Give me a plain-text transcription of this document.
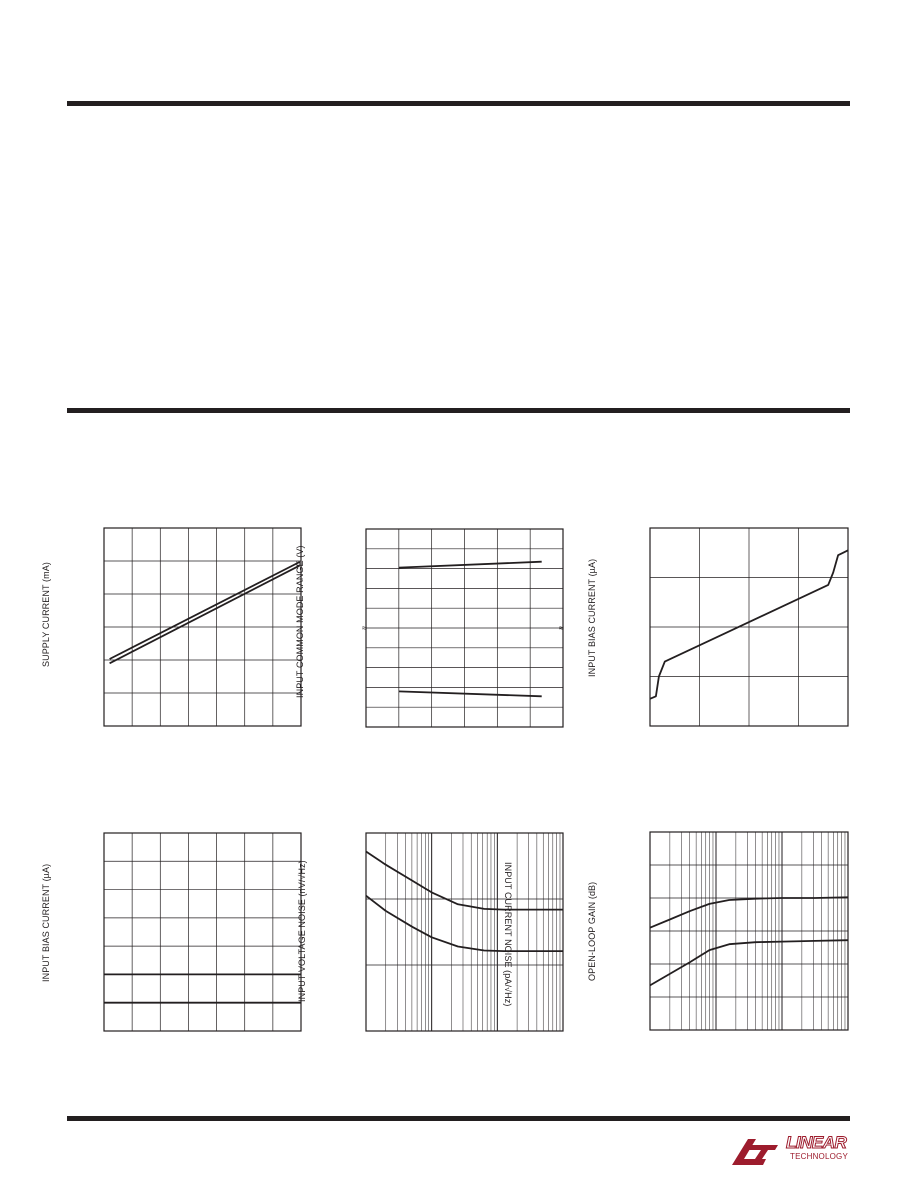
SUPPLY CURRENT (mA)	INPUT COMMON MODE RANGE (V)	≈	≈	INPUT BIAS CURRENT (µA)
INPUT BIAS CURRENT (µA)	INPUT VOLTAGE NOISE (nV/√Hz)	INPUT CURRENT NOISE (pA/√Hz)	OPEN-LOOP GAIN (dB)
LINEAR
TECHNOLOGY
